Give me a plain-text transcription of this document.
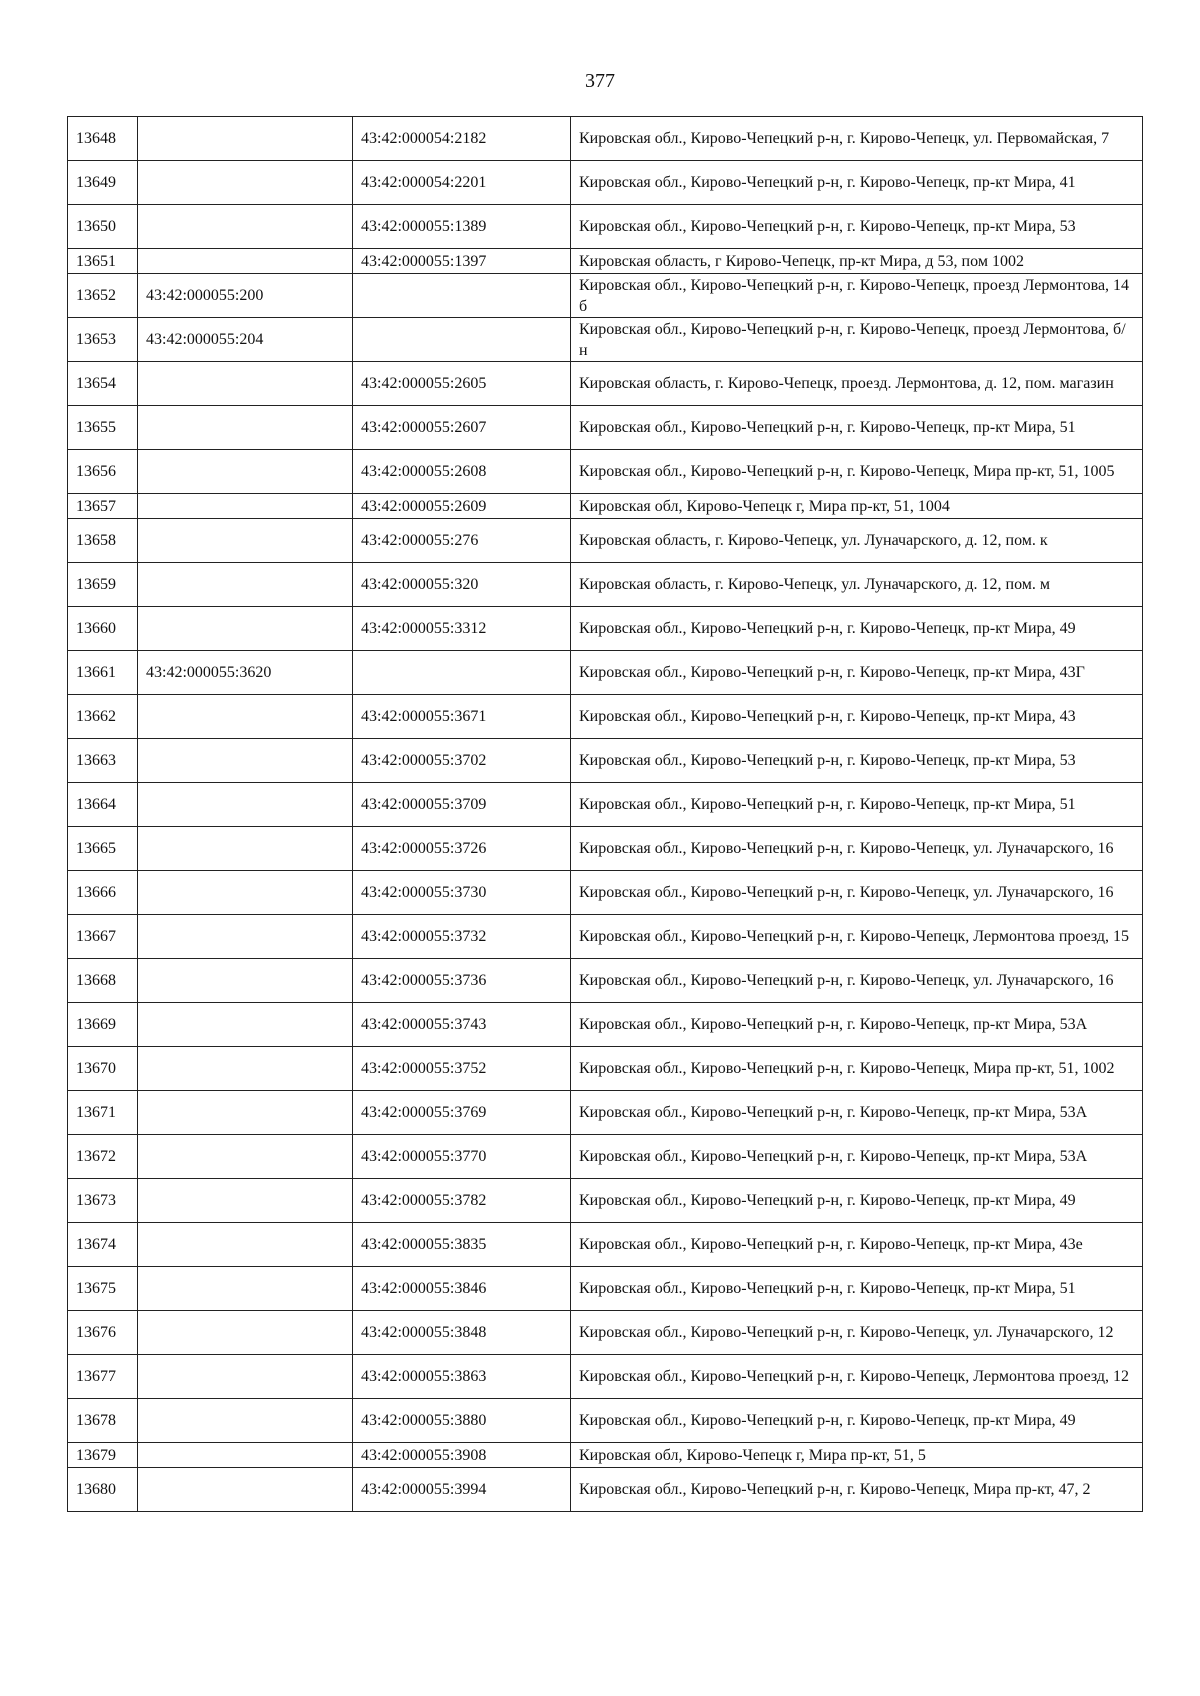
377
13648		43:42:000054:2182	Кировская обл., Кирово-Чепецкий р-н, г. Кирово-Чепецк, ул. Первомайская, 7
13649		43:42:000054:2201	Кировская обл., Кирово-Чепецкий р-н, г. Кирово-Чепецк, пр-кт Мира, 41
13650		43:42:000055:1389	Кировская обл., Кирово-Чепецкий р-н, г. Кирово-Чепецк, пр-кт Мира, 53
13651		43:42:000055:1397	Кировская область, г Кирово-Чепецк, пр-кт Мира, д 53, пом 1002
13652	43:42:000055:200		Кировская обл., Кирово-Чепецкий р-н, г. Кирово-Чепецк, проезд Лермонтова, 14 б
13653	43:42:000055:204		Кировская обл., Кирово-Чепецкий р-н, г. Кирово-Чепецк, проезд Лермонтова, б/н
13654		43:42:000055:2605	Кировская область, г. Кирово-Чепецк, проезд. Лермонтова, д. 12, пом. магазин
13655		43:42:000055:2607	Кировская обл., Кирово-Чепецкий р-н, г. Кирово-Чепецк, пр-кт Мира, 51
13656		43:42:000055:2608	Кировская обл., Кирово-Чепецкий р-н, г. Кирово-Чепецк, Мира пр-кт, 51, 1005
13657		43:42:000055:2609	Кировская обл, Кирово-Чепецк г, Мира пр-кт, 51, 1004
13658		43:42:000055:276	Кировская область, г. Кирово-Чепецк, ул. Луначарского, д. 12, пом. к
13659		43:42:000055:320	Кировская область, г. Кирово-Чепецк, ул. Луначарского, д. 12, пом. м
13660		43:42:000055:3312	Кировская обл., Кирово-Чепецкий р-н, г. Кирово-Чепецк, пр-кт Мира, 49
13661	43:42:000055:3620		Кировская обл., Кирово-Чепецкий р-н, г. Кирово-Чепецк, пр-кт Мира, 43Г
13662		43:42:000055:3671	Кировская обл., Кирово-Чепецкий р-н, г. Кирово-Чепецк, пр-кт Мира, 43
13663		43:42:000055:3702	Кировская обл., Кирово-Чепецкий р-н, г. Кирово-Чепецк, пр-кт Мира, 53
13664		43:42:000055:3709	Кировская обл., Кирово-Чепецкий р-н, г. Кирово-Чепецк, пр-кт Мира, 51
13665		43:42:000055:3726	Кировская обл., Кирово-Чепецкий р-н, г. Кирово-Чепецк, ул. Луначарского, 16
13666		43:42:000055:3730	Кировская обл., Кирово-Чепецкий р-н, г. Кирово-Чепецк, ул. Луначарского, 16
13667		43:42:000055:3732	Кировская обл., Кирово-Чепецкий р-н, г. Кирово-Чепецк, Лермонтова проезд, 15
13668		43:42:000055:3736	Кировская обл., Кирово-Чепецкий р-н, г. Кирово-Чепецк, ул. Луначарского, 16
13669		43:42:000055:3743	Кировская обл., Кирово-Чепецкий р-н, г. Кирово-Чепецк, пр-кт Мира, 53А
13670		43:42:000055:3752	Кировская обл., Кирово-Чепецкий р-н, г. Кирово-Чепецк, Мира пр-кт, 51, 1002
13671		43:42:000055:3769	Кировская обл., Кирово-Чепецкий р-н, г. Кирово-Чепецк, пр-кт Мира, 53А
13672		43:42:000055:3770	Кировская обл., Кирово-Чепецкий р-н, г. Кирово-Чепецк, пр-кт Мира, 53А
13673		43:42:000055:3782	Кировская обл., Кирово-Чепецкий р-н, г. Кирово-Чепецк, пр-кт Мира, 49
13674		43:42:000055:3835	Кировская обл., Кирово-Чепецкий р-н, г. Кирово-Чепецк, пр-кт Мира, 43е
13675		43:42:000055:3846	Кировская обл., Кирово-Чепецкий р-н, г. Кирово-Чепецк, пр-кт Мира, 51
13676		43:42:000055:3848	Кировская обл., Кирово-Чепецкий р-н, г. Кирово-Чепецк, ул. Луначарского, 12
13677		43:42:000055:3863	Кировская обл., Кирово-Чепецкий р-н, г. Кирово-Чепецк, Лермонтова проезд, 12
13678		43:42:000055:3880	Кировская обл., Кирово-Чепецкий р-н, г. Кирово-Чепецк, пр-кт Мира, 49
13679		43:42:000055:3908	Кировская обл, Кирово-Чепецк г, Мира пр-кт, 51, 5
13680		43:42:000055:3994	Кировская обл., Кирово-Чепецкий р-н, г. Кирово-Чепецк, Мира пр-кт, 47, 2
